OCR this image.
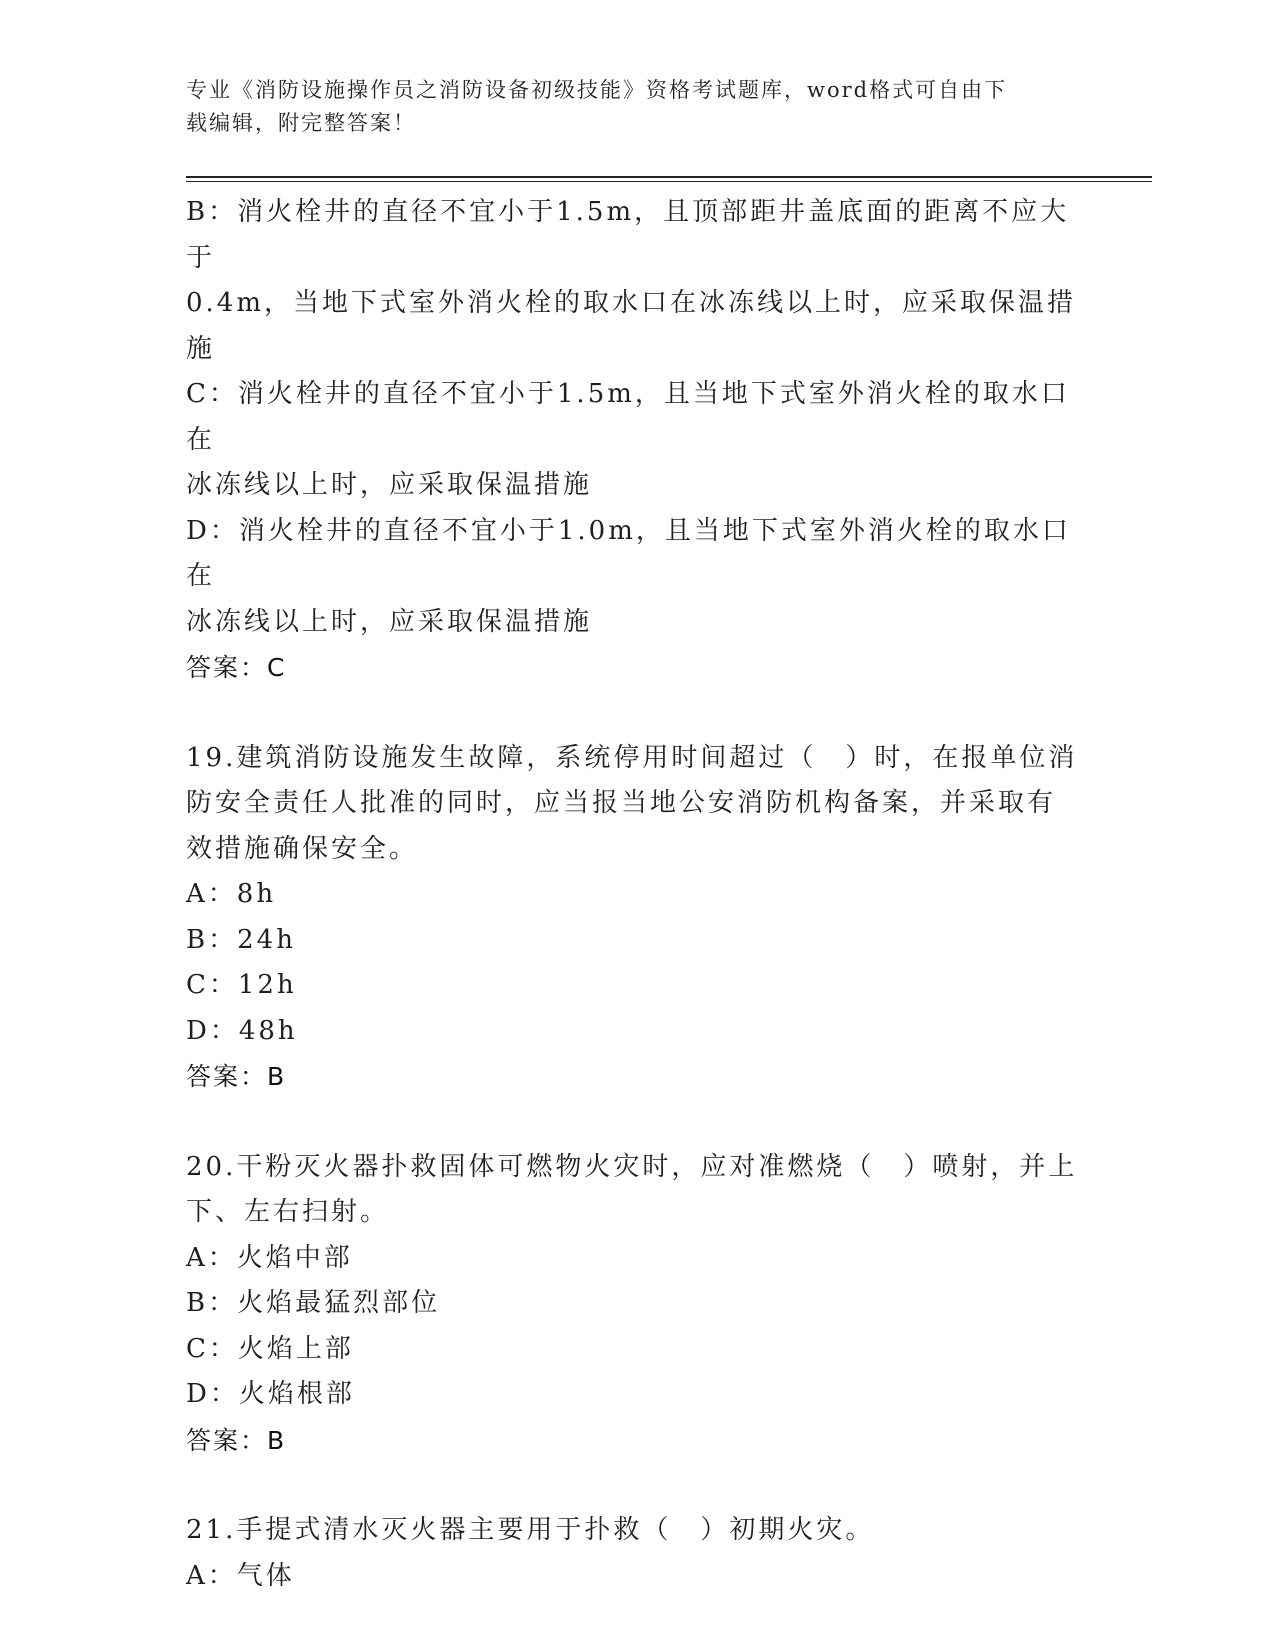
专业《消防设施操作员之消防设备初级技能》资格考试题库，word格式可自由下
载编辑，附完整答案！
B：消火栓井的直径不宜小于1.5m，且顶部距井盖底面的距离不应大于
0.4m，当地下式室外消火栓的取水口在冰冻线以上时，应采取保温措
施
C：消火栓井的直径不宜小于1.5m，且当地下式室外消火栓的取水口在
冰冻线以上时，应采取保温措施
D：消火栓井的直径不宜小于1.0m，且当地下式室外消火栓的取水口在
冰冻线以上时，应采取保温措施
答案：C
19.建筑消防设施发生故障，系统停用时间超过（　）时，在报单位消
防安全责任人批准的同时，应当报当地公安消防机构备案，并采取有
效措施确保安全。
A：8h
B：24h
C：12h
D：48h
答案：B
20.干粉灭火器扑救固体可燃物火灾时，应对准燃烧（　）喷射，并上
下、左右扫射。
A：火焰中部
B：火焰最猛烈部位
C：火焰上部
D：火焰根部
答案：B
21.手提式清水灭火器主要用于扑救（　）初期火灾。
A：气体
